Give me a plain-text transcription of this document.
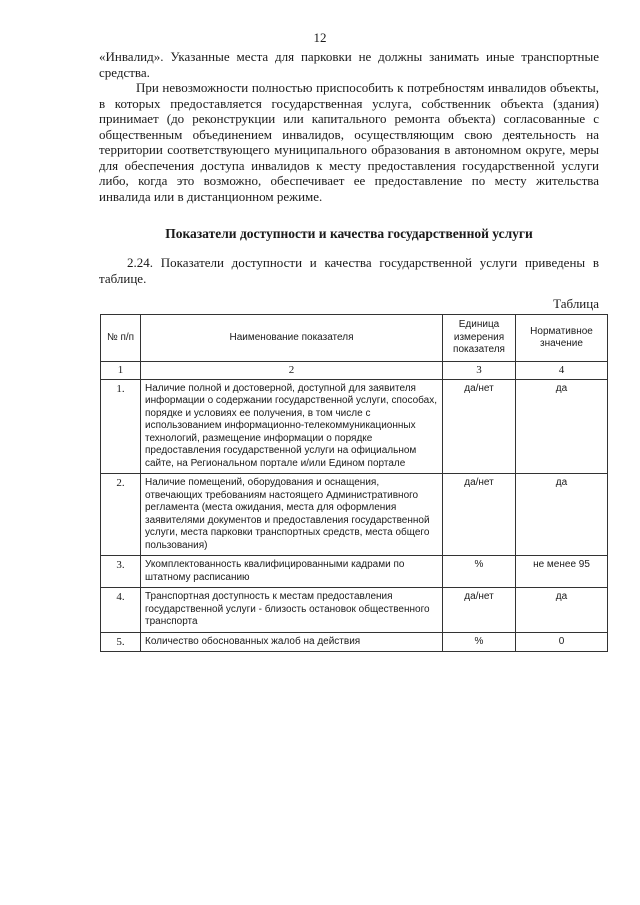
12
«Инвалид». Указанные места для парковки не должны занимать иные транспортные средства.
При невозможности полностью приспособить к потребностям инвалидов объекты, в которых предоставляется государственная услуга, собственник объекта (здания) принимает (до реконструкции или капитального ремонта объекта) согласованные с общественным объединением инвалидов, осуществляющим свою деятельность на территории соответствующего муниципального образования в автономном округе, меры для обеспечения доступа инвалидов к месту предоставления государственной услуги либо, когда это возможно, обеспечивает ее предоставление по месту жительства инвалида или в дистанционном режиме.
Показатели доступности и качества государственной услуги
2.24. Показатели доступности и качества государственной услуги приведены в таблице.
Таблица
№ п/п	Наименование показателя	Единица измерения показателя	Нормативное значение
1	2	3	4
1.	Наличие полной и достоверной, доступной для заявителя информации о содержании государственной услуги, способах, порядке и условиях ее получения, в том числе с использованием информационно-телекоммуникационных технологий, размещение информации о порядке предоставления государственной услуги на официальном сайте, на Региональном портале и/или Едином портале	да/нет	да
2.	Наличие помещений, оборудования и оснащения, отвечающих требованиям настоящего Административного регламента (места ожидания, места для оформления заявителями документов и предоставления государственной услуги, места парковки транспортных средств, места общего пользования)	да/нет	да
3.	Укомплектованность квалифицированными кадрами по штатному расписанию	%	не менее 95
4.	Транспортная доступность к местам предоставления государственной услуги - близость остановок общественного транспорта	да/нет	да
5.	Количество обоснованных жалоб на действия	%	0
